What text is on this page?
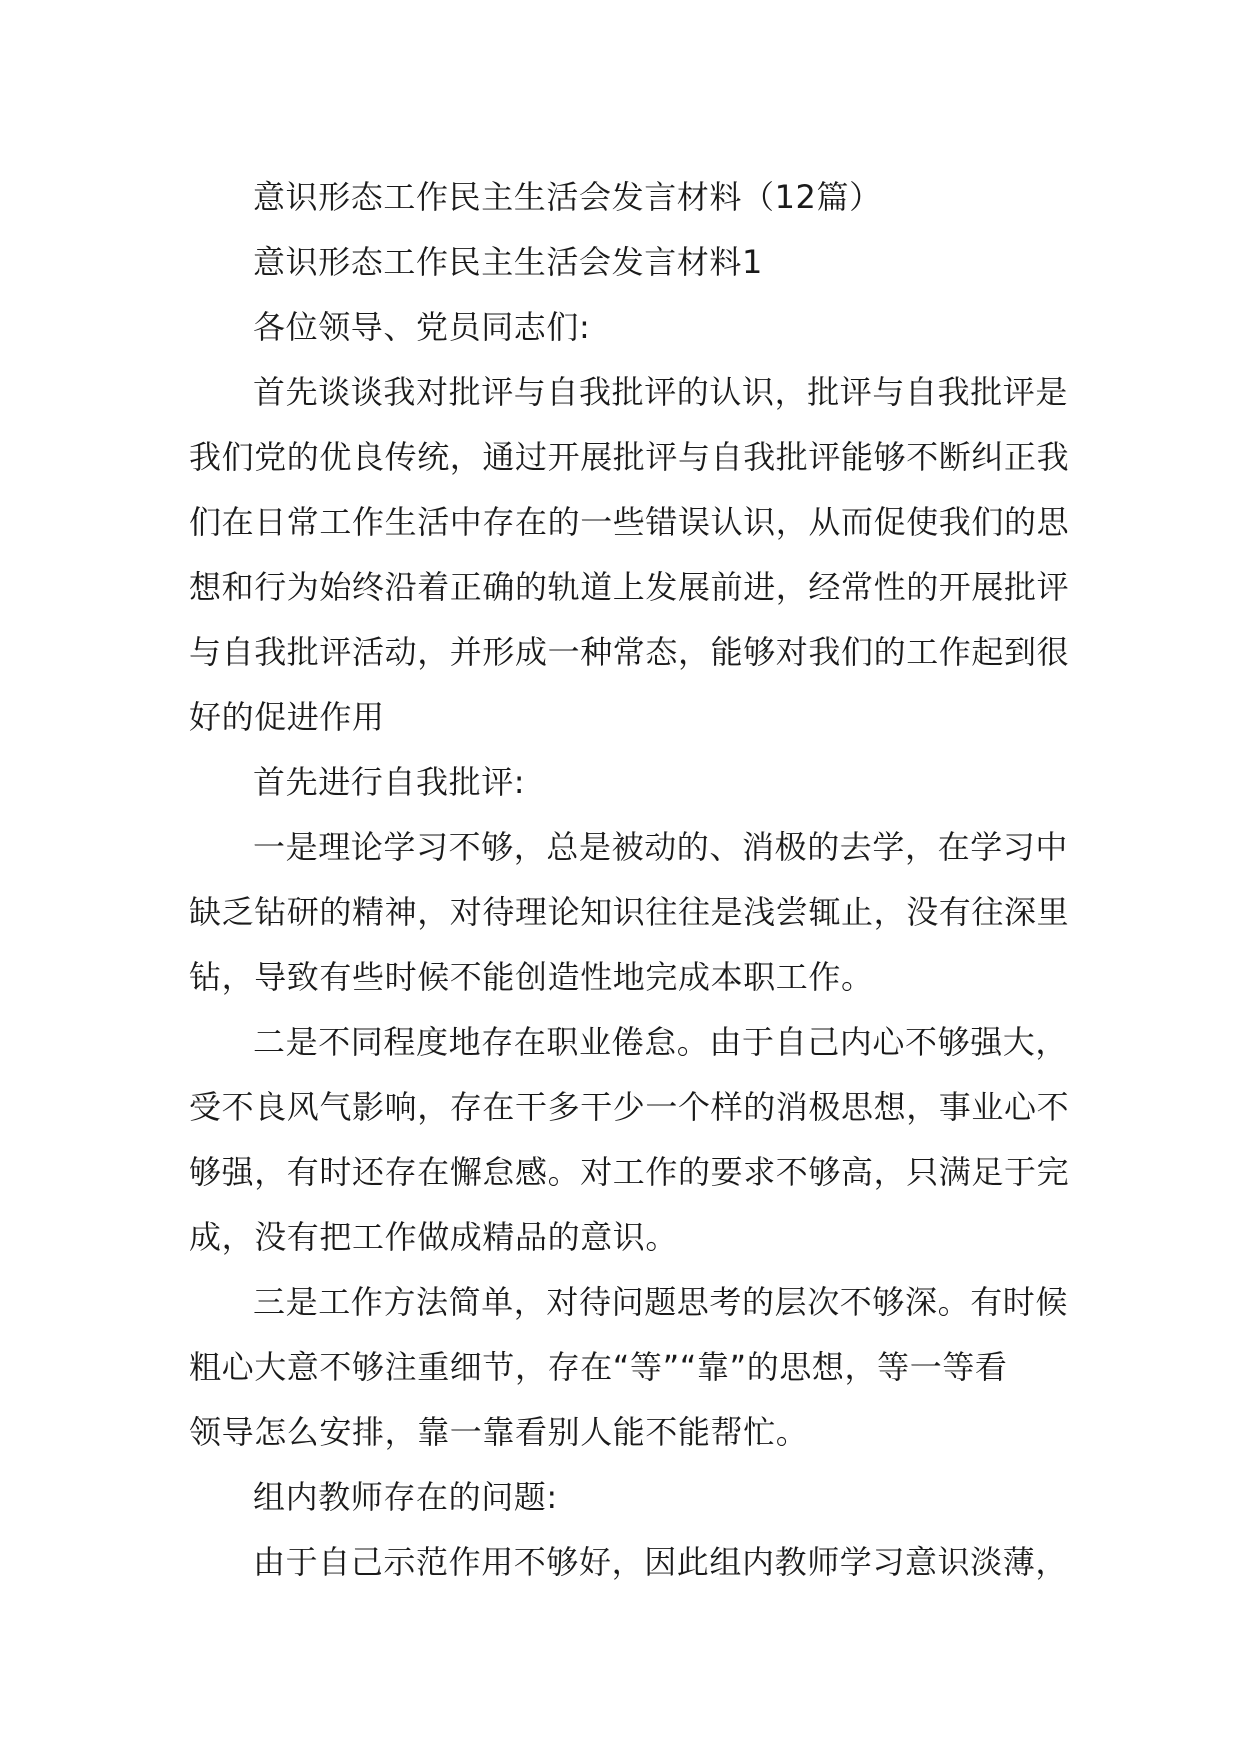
意识形态工作民主生活会发言材料（12篇）
意识形态工作民主生活会发言材料1
各位领导、党员同志们:
首先谈谈我对批评与自我批评的认识，批评与自我批评是
我们党的优良传统，通过开展批评与自我批评能够不断纠正我
们在日常工作生活中存在的一些错误认识，从而促使我们的思
想和行为始终沿着正确的轨道上发展前进，经常性的开展批评
与自我批评活动，并形成一种常态，能够对我们的工作起到很
好的促进作用
首先进行自我批评:
一是理论学习不够，总是被动的、消极的去学，在学习中
缺乏钻研的精神，对待理论知识往往是浅尝辄止，没有往深里
钻，导致有些时候不能创造性地完成本职工作。
二是不同程度地存在职业倦怠。由于自己内心不够强大，
受不良风气影响，存在干多干少一个样的消极思想，事业心不
够强，有时还存在懈怠感。对工作的要求不够高，只满足于完
成，没有把工作做成精品的意识。
三是工作方法简单，对待问题思考的层次不够深。有时候
粗心大意不够注重细节，存在“等”“靠”的思想，等一等看
领导怎么安排，靠一靠看别人能不能帮忙。
组内教师存在的问题:
由于自己示范作用不够好，因此组内教师学习意识淡薄，
